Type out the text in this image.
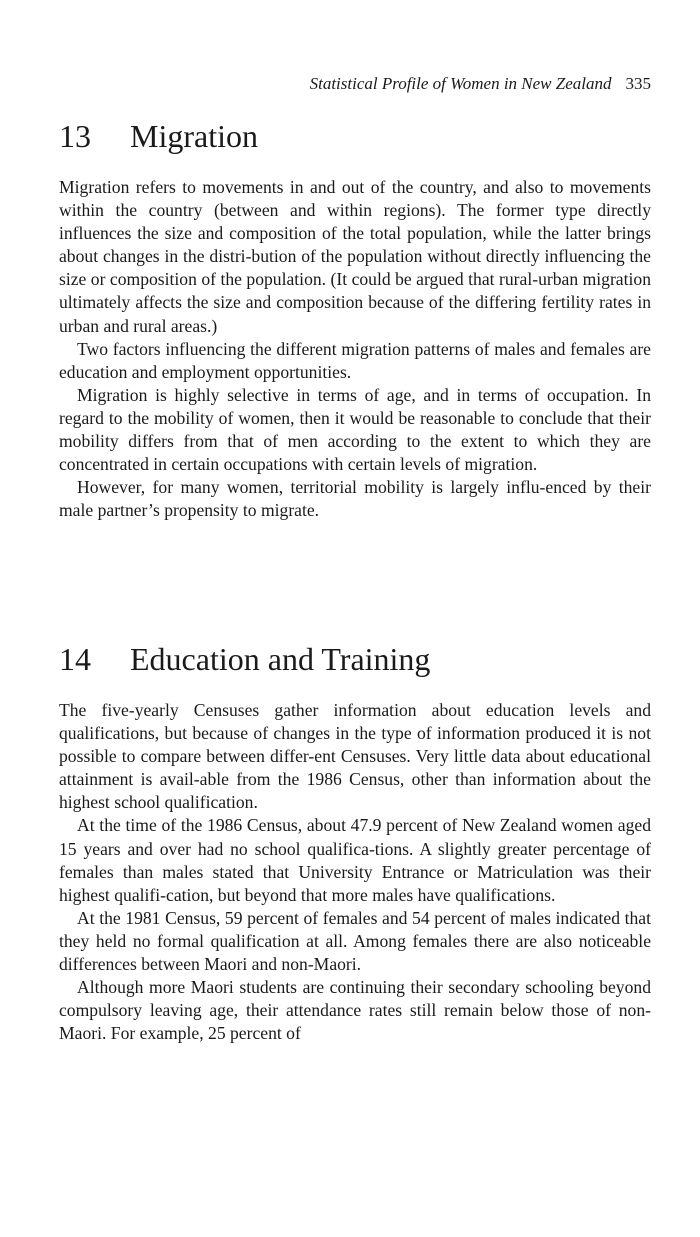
Statistical Profile of Women in New Zealand 335
13 Migration

Migration refers to movements in and out of the country, and also to movements within the country (between and within regions). The former type directly influences the size and composition of the total population, while the latter brings about changes in the distri-bution of the population without directly influencing the size or composition of the population. (It could be argued that rural-urban migration ultimately affects the size and composition because of the differing fertility rates in urban and rural areas.)

Two factors influencing the different migration patterns of males and females are education and employment opportunities.

Migration is highly selective in terms of age, and in terms of occupation. In regard to the mobility of women, then it would be reasonable to conclude that their mobility differs from that of men according to the extent to which they are concentrated in certain occupations with certain levels of migration.

However, for many women, territorial mobility is largely influ-enced by their male partner’s propensity to migrate.

14 Education and Training

The five-yearly Censuses gather information about education levels and qualifications, but because of changes in the type of information produced it is not possible to compare between differ-ent Censuses. Very little data about educational attainment is avail-able from the 1986 Census, other than information about the highest school qualification.

At the time of the 1986 Census, about 47.9 percent of New Zealand women aged 15 years and over had no school qualifica-tions. A slightly greater percentage of females than males stated that University Entrance or Matriculation was their highest qualifi-cation, but beyond that more males have qualifications.

At the 1981 Census, 59 percent of females and 54 percent of males indicated that they held no formal qualification at all. Among females there are also noticeable differences between Maori and non-Maori.

Although more Maori students are continuing their secondary schooling beyond compulsory leaving age, their attendance rates still remain below those of non-Maori. For example, 25 percent of
